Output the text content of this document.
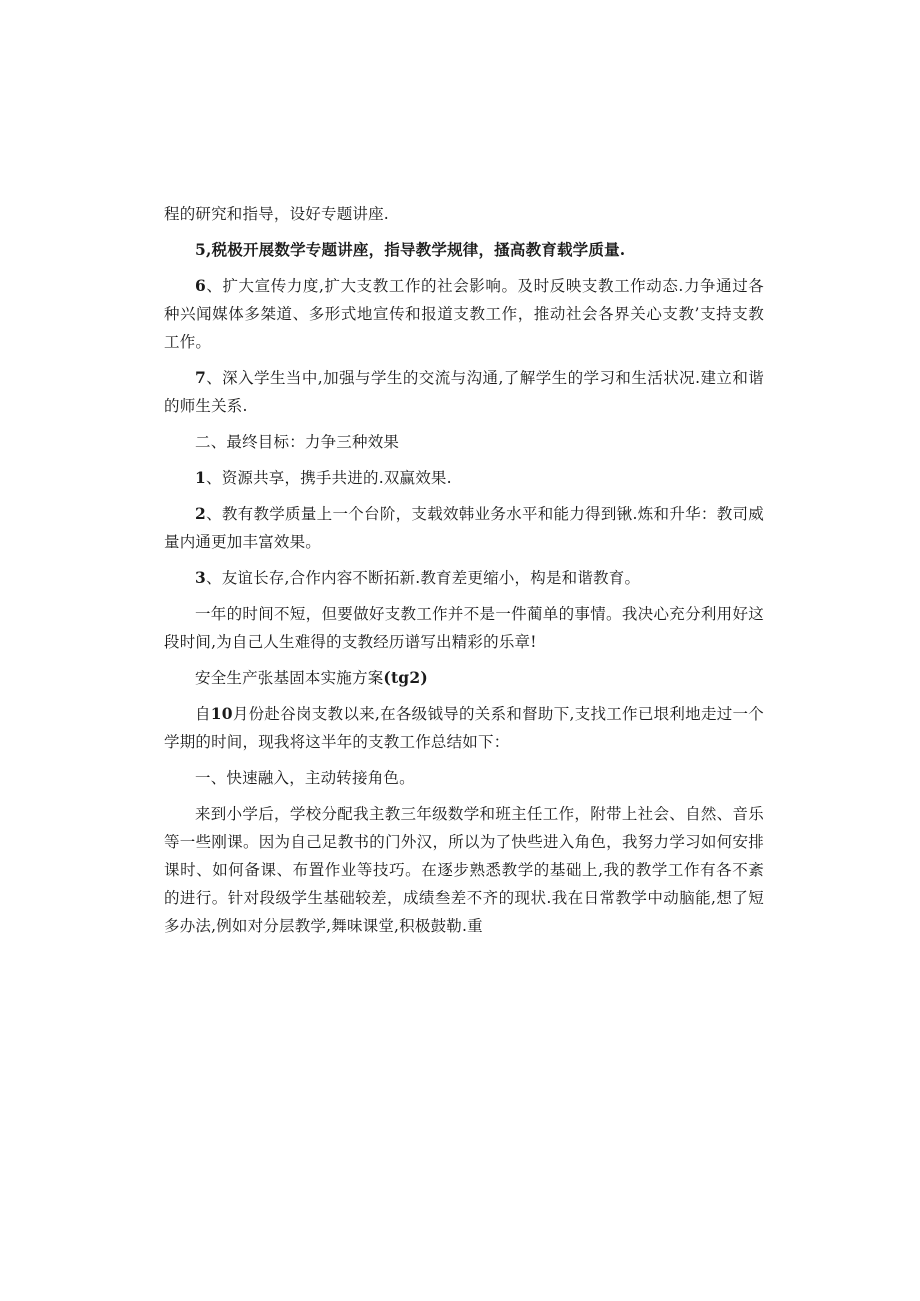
程的研究和指导，设好专题讲座.

5,税极开展数学专题讲座，指导教学规律，搔高教育载学质量.

6、扩大宣传力度,扩大支教工作的社会影响。及时反映支教工作动态.力争通过各种兴闻媒体多桀道、多形式地宣传和报道支教工作，推动社会各界关心支教’支持支教工作。

7、深入学生当中,加强与学生的交流与沟通,了解学生的学习和生活状况.建立和谐的师生关系.

二、最终目标：力争三种效果

1、资源共享，携手共进的.双赢效果.

2、教有教学质量上一个台阶，支载效韩业务水平和能力得到锹.炼和升华：教司威量内通更加丰富效果。

3、友谊长存,合作内容不断拓新.教育差更缩小，构是和谐教育。

一年的时间不短，但要做好支教工作并不是一件蔺单的事情。我决心充分利用好这段时间,为自己人生难得的支教经历谱写出精彩的乐章!

安全生产张基固本实施方案(tg2)

自10月份赴谷岗支教以来,在各级钺导的关系和督助下,支找工作已垠利地走过一个学期的时间，现我将这半年的支教工作总结如下：

一、快速融入，主动转接角色。

来到小学后，学校分配我主教三年级数学和班主任工作，附带上社会、自然、音乐等一些刚课。因为自己足教书的门外汉，所以为了快些进入角色，我努力学习如何安排课时、如何备课、布置作业等技巧。在逐步熟悉教学的基础上,我的教学工作有各不紊的进行。针对段级学生基础较差，成绩叁差不齐的现状.我在日常教学中动脑能,想了短多办法,例如对分层教学,舞味课堂,积极鼓勒.重
